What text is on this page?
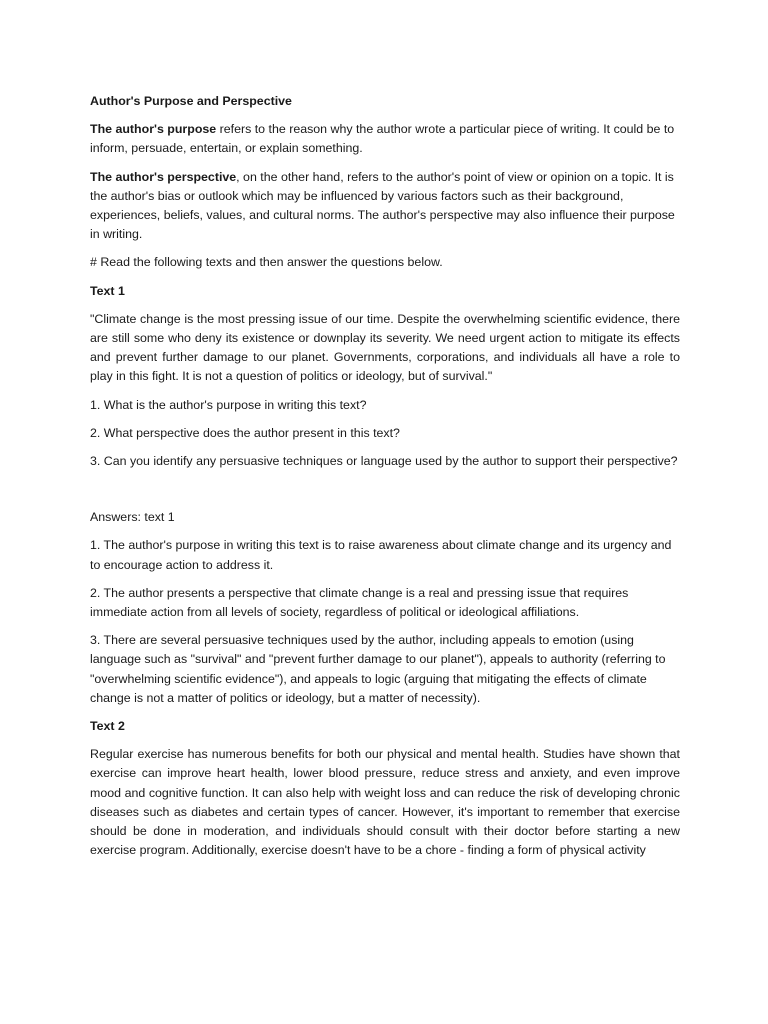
Author's Purpose and Perspective

The author's purpose refers to the reason why the author wrote a particular piece of writing. It could be to inform, persuade, entertain, or explain something.

The author's perspective, on the other hand, refers to the author's point of view or opinion on a topic. It is the author's bias or outlook which may be influenced by various factors such as their background, experiences, beliefs, values, and cultural norms. The author's perspective may also influence their purpose in writing.

# Read the following texts and then answer the questions below.

Text 1

"Climate change is the most pressing issue of our time. Despite the overwhelming scientific evidence, there are still some who deny its existence or downplay its severity. We need urgent action to mitigate its effects and prevent further damage to our planet. Governments, corporations, and individuals all have a role to play in this fight. It is not a question of politics or ideology, but of survival."

1. What is the author's purpose in writing this text?

2. What perspective does the author present in this text?

3. Can you identify any persuasive techniques or language used by the author to support their perspective?

Answers: text 1

1. The author's purpose in writing this text is to raise awareness about climate change and its urgency and to encourage action to address it.

2. The author presents a perspective that climate change is a real and pressing issue that requires immediate action from all levels of society, regardless of political or ideological affiliations.

3. There are several persuasive techniques used by the author, including appeals to emotion (using language such as "survival" and "prevent further damage to our planet"), appeals to authority (referring to "overwhelming scientific evidence"), and appeals to logic (arguing that mitigating the effects of climate change is not a matter of politics or ideology, but a matter of necessity).

Text 2

Regular exercise has numerous benefits for both our physical and mental health. Studies have shown that exercise can improve heart health, lower blood pressure, reduce stress and anxiety, and even improve mood and cognitive function. It can also help with weight loss and can reduce the risk of developing chronic diseases such as diabetes and certain types of cancer. However, it's important to remember that exercise should be done in moderation, and individuals should consult with their doctor before starting a new exercise program. Additionally, exercise doesn't have to be a chore - finding a form of physical activity
